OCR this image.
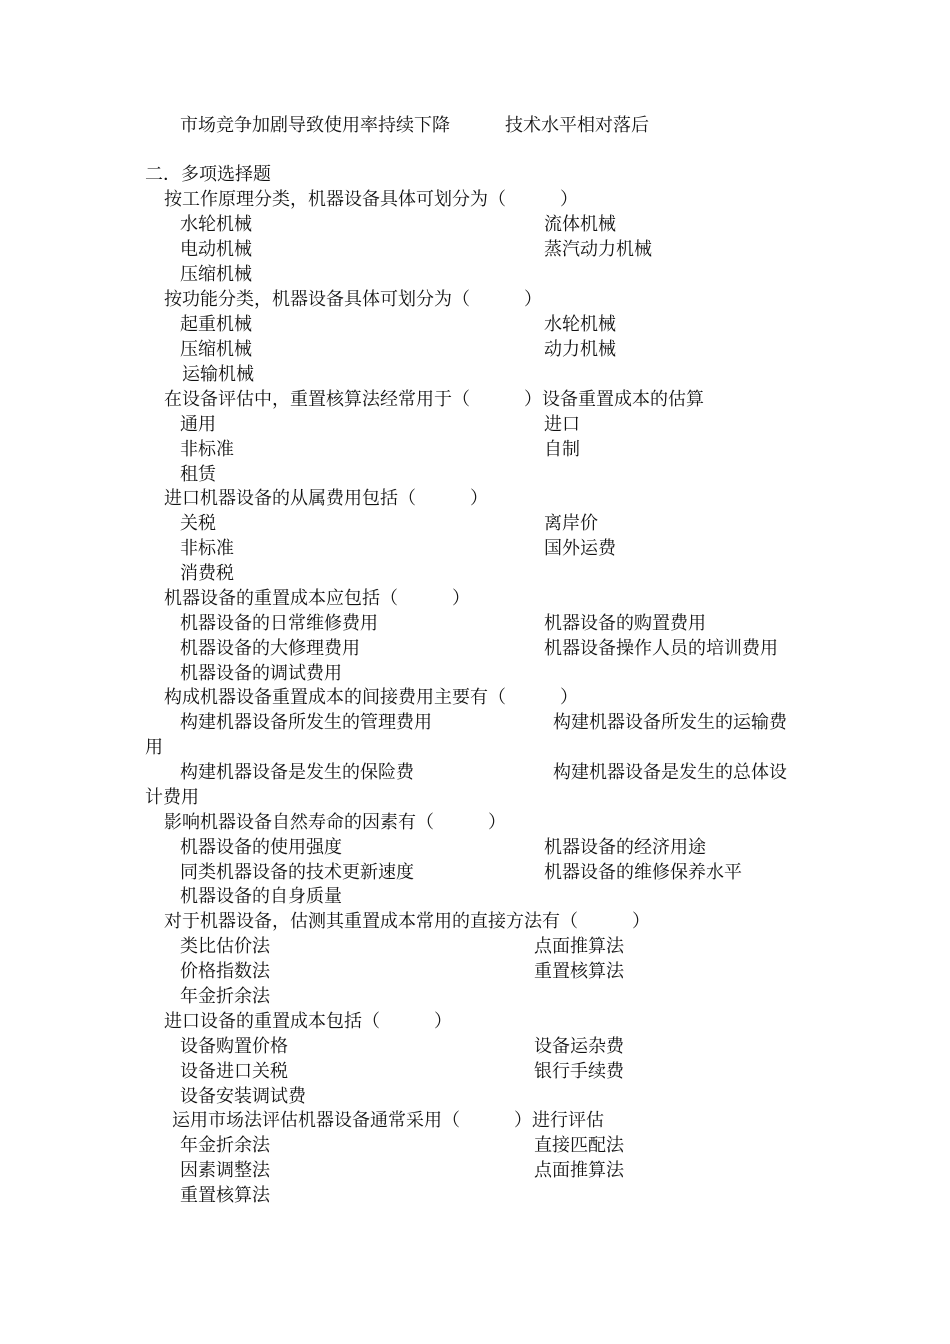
市场竞争加剧导致使用率持续下降	技术水平相对落后
二．多项选择题
按工作原理分类，机器设备具体可划分为（　　　）
水轮机械	流体机械
电动机械	蒸汽动力机械
压缩机械
按功能分类，机器设备具体可划分为（　　　）
起重机械	水轮机械
压缩机械	动力机械
运输机械
在设备评估中，重置核算法经常用于（　　　）设备重置成本的估算
通用	进口
非标准	自制
租赁
进口机器设备的从属费用包括（　　　）
关税	离岸价
非标准	国外运费
消费税
机器设备的重置成本应包括（　　　）
机器设备的日常维修费用	机器设备的购置费用
机器设备的大修理费用	机器设备操作人员的培训费用
机器设备的调试费用
构成机器设备重置成本的间接费用主要有（　　　）
构建机器设备所发生的管理费用	构建机器设备所发生的运输费
用
构建机器设备是发生的保险费	构建机器设备是发生的总体设
计费用
影响机器设备自然寿命的因素有（　　　）
机器设备的使用强度	机器设备的经济用途
同类机器设备的技术更新速度	机器设备的维修保养水平
机器设备的自身质量
对于机器设备，估测其重置成本常用的直接方法有（　　　）
类比估价法	点面推算法
价格指数法	重置核算法
年金折余法
进口设备的重置成本包括（　　　）
设备购置价格	设备运杂费
设备进口关税	银行手续费
设备安装调试费
运用市场法评估机器设备通常采用（　　　）进行评估
年金折余法	直接匹配法
因素调整法	点面推算法
重置核算法
